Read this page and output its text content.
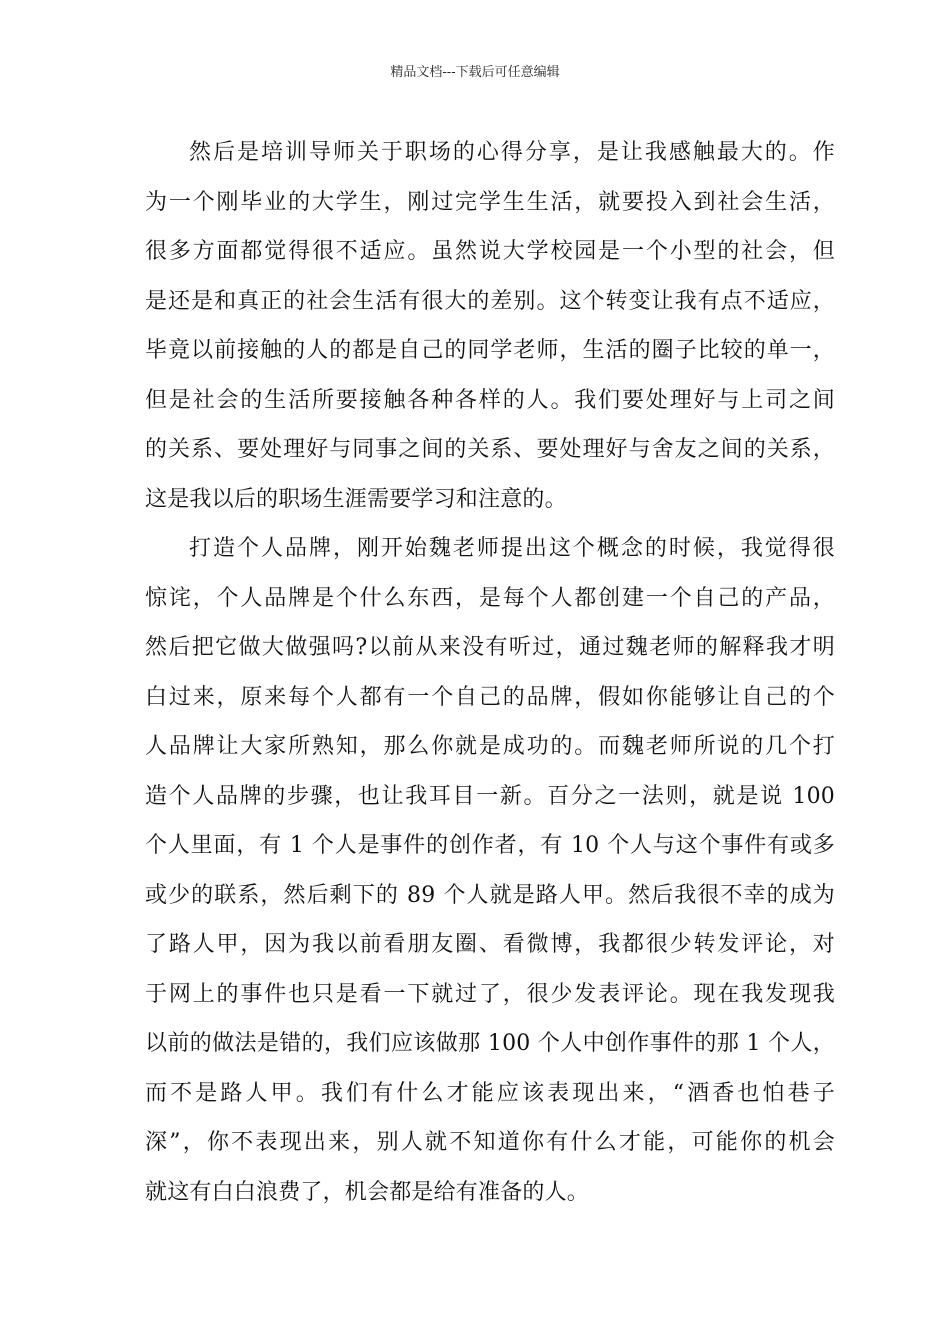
精品文档---下载后可任意编辑
然后是培训导师关于职场的心得分享，是让我感触最大的。作
为一个刚毕业的大学生，刚过完学生生活，就要投入到社会生活，
很多方面都觉得很不适应。虽然说大学校园是一个小型的社会，但
是还是和真正的社会生活有很大的差别。这个转变让我有点不适应，
毕竟以前接触的人的都是自己的同学老师，生活的圈子比较的单一，
但是社会的生活所要接触各种各样的人。我们要处理好与上司之间
的关系、要处理好与同事之间的关系、要处理好与舍友之间的关系，
这是我以后的职场生涯需要学习和注意的。
打造个人品牌，刚开始魏老师提出这个概念的时候，我觉得很
惊诧，个人品牌是个什么东西，是每个人都创建一个自己的产品，
然后把它做大做强吗?以前从来没有听过，通过魏老师的解释我才明
白过来，原来每个人都有一个自己的品牌，假如你能够让自己的个
人品牌让大家所熟知，那么你就是成功的。而魏老师所说的几个打
造个人品牌的步骤，也让我耳目一新。百分之一法则，就是说 100
个人里面，有 1 个人是事件的创作者，有 10 个人与这个事件有或多
或少的联系，然后剩下的 89 个人就是路人甲。然后我很不幸的成为
了路人甲，因为我以前看朋友圈、看微博，我都很少转发评论，对
于网上的事件也只是看一下就过了，很少发表评论。现在我发现我
以前的做法是错的，我们应该做那 100 个人中创作事件的那 1 个人，
而不是路人甲。我们有什么才能应该表现出来，“酒香也怕巷子
深”，你不表现出来，别人就不知道你有什么才能，可能你的机会
就这有白白浪费了，机会都是给有准备的人。
